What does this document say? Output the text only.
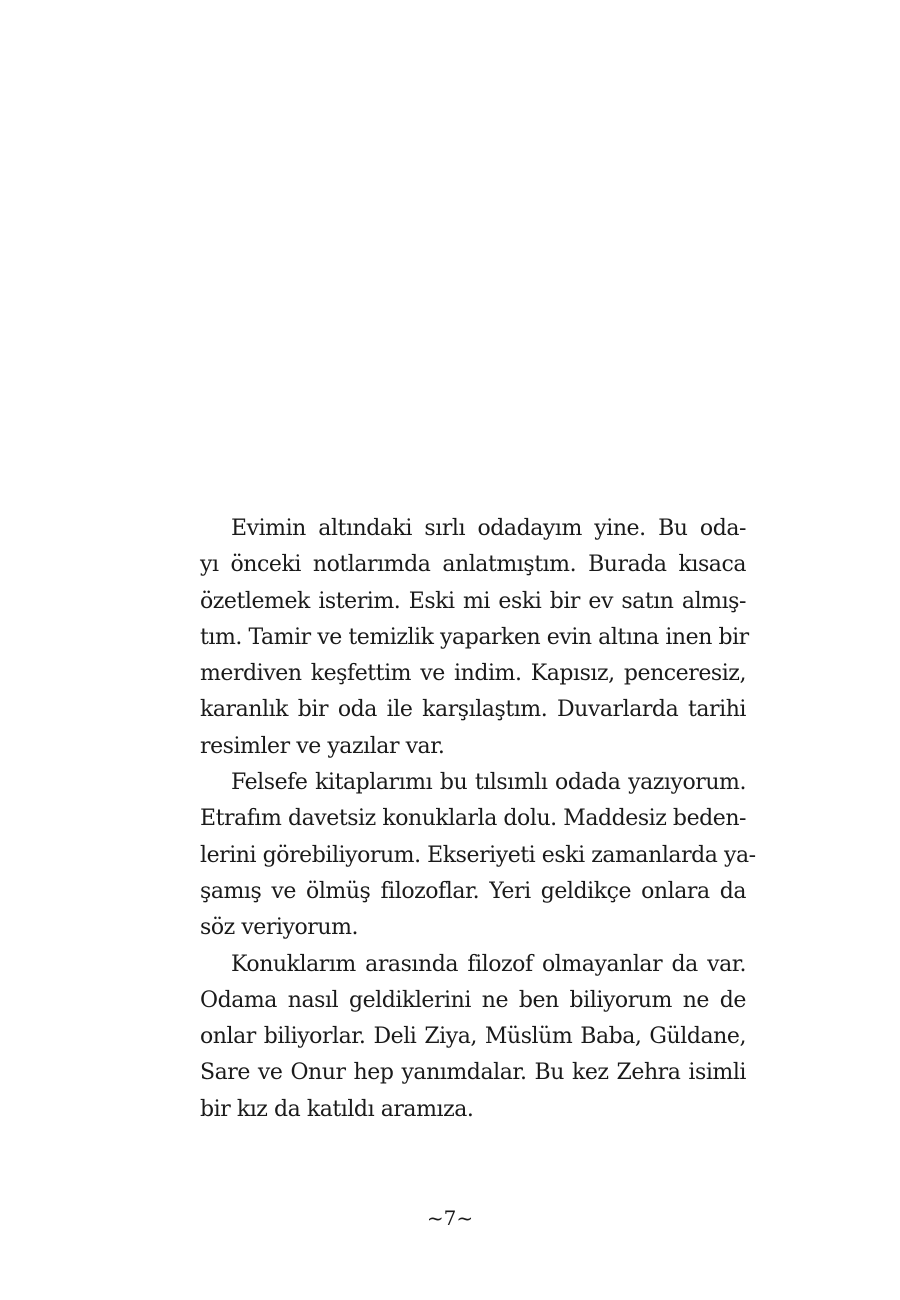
Evimin altındaki sırlı odadayım yine. Bu oda-
yı önceki notlarımda anlatmıştım. Burada kısaca
özetlemek isterim. Eski mi eski bir ev satın almış-
tım. Tamir ve temizlik yaparken evin altına inen bir
merdiven keşfettim ve indim. Kapısız, penceresiz,
karanlık bir oda ile karşılaştım. Duvarlarda tarihi
resimler ve yazılar var.
Felsefe kitaplarımı bu tılsımlı odada yazıyorum.
Etrafım davetsiz konuklarla dolu. Maddesiz beden-
lerini görebiliyorum. Ekseriyeti eski zamanlarda ya-
şamış ve ölmüş filozoflar. Yeri geldikçe onlara da
söz veriyorum.
Konuklarım arasında filozof olmayanlar da var.
Odama nasıl geldiklerini ne ben biliyorum ne de
onlar biliyorlar. Deli Ziya, Müslüm Baba, Güldane,
Sare ve Onur hep yanımdalar. Bu kez Zehra isimli
bir kız da katıldı aramıza.
~7~
